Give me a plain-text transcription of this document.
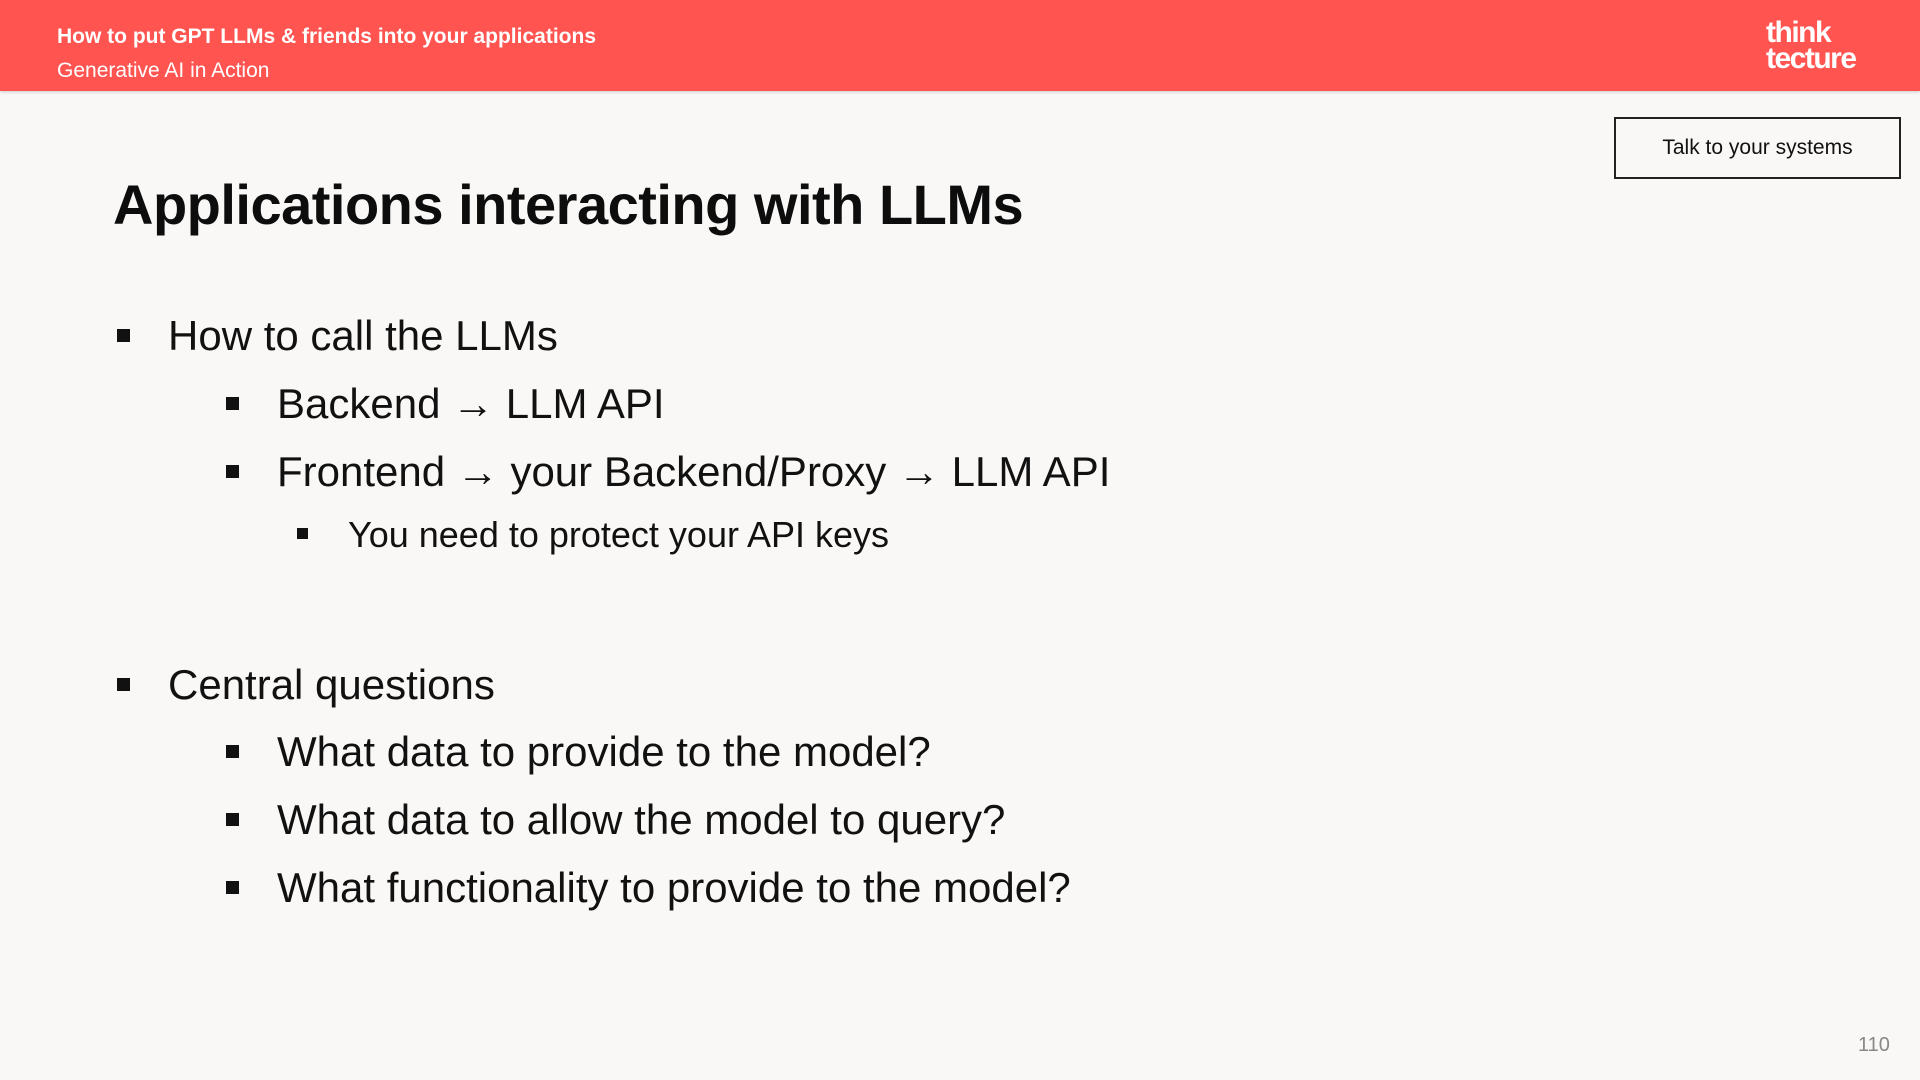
How to put GPT LLMs & friends into your applications
Generative AI in Action
think
tecture
Talk to your systems
Applications interacting with LLMs
How to call the LLMs
Backend → LLM API
Frontend → your Backend/Proxy → LLM API
You need to protect your API keys
Central questions
What data to provide to the model?
What data to allow the model to query?
What functionality to provide to the model?
110
